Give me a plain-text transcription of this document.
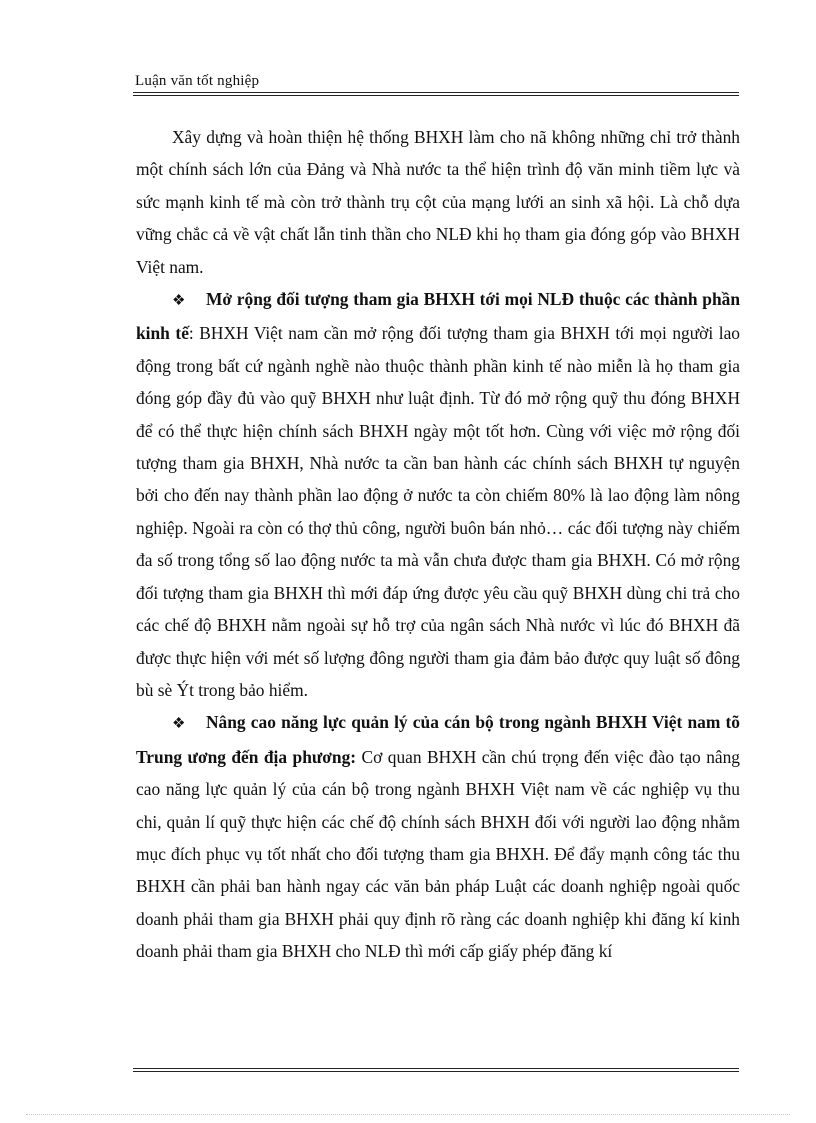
Luận văn tốt nghiệp

Xây dựng và hoàn thiện hệ thống BHXH làm cho nã không những chỉ trở thành một chính sách lớn của Đảng và Nhà nước ta thể hiện trình độ văn minh tiềm lực và sức mạnh kinh tế mà còn trở thành trụ cột của mạng lưới an sinh xã hội. Là chỗ dựa vững chắc cả về vật chất lẫn tinh thần cho NLĐ khi họ tham gia đóng góp vào BHXH Việt nam.

❖ Mở rộng đối tượng tham gia BHXH tới mọi NLĐ thuộc các thành phần kinh tế: BHXH Việt nam cần mở rộng đối tượng tham gia BHXH tới mọi người lao động trong bất cứ ngành nghề nào thuộc thành phần kinh tế nào miễn là họ tham gia đóng góp đầy đủ vào quỹ BHXH như luật định. Từ đó mở rộng quỹ thu đóng BHXH để có thể thực hiện chính sách BHXH ngày một tốt hơn. Cùng với việc mở rộng đối tượng tham gia BHXH, Nhà nước ta cần ban hành các chính sách BHXH tự nguyện bởi cho đến nay thành phần lao động ở nước ta còn chiếm 80% là lao động làm nông nghiệp. Ngoài ra còn có thợ thủ công, người buôn bán nhỏ… các đối tượng này chiếm đa số trong tổng số lao động nước ta mà vẫn chưa được tham gia BHXH. Có mở rộng đối tượng tham gia BHXH thì mới đáp ứng được yêu cầu quỹ BHXH dùng chi trả cho các chế độ BHXH nằm ngoài sự hỗ trợ của ngân sách Nhà nước vì lúc đó BHXH đã được thực hiện với mét số lượng đông người tham gia đảm bảo được quy luật số đông bù sè Ýt trong bảo hiểm.

❖ Nâng cao năng lực quản lý của cán bộ trong ngành BHXH Việt nam tõ Trung ương đến địa phương: Cơ quan BHXH cần chú trọng đến việc đào tạo nâng cao năng lực quản lý của cán bộ trong ngành BHXH Việt nam về các nghiệp vụ thu chi, quản lí quỹ thực hiện các chế độ chính sách BHXH đối với người lao động nhằm mục đích phục vụ tốt nhất cho đối tượng tham gia BHXH. Để đẩy mạnh công tác thu BHXH cần phải ban hành ngay các văn bản pháp Luật các doanh nghiệp ngoài quốc doanh phải tham gia BHXH phải quy định rõ ràng các doanh nghiệp khi đăng kí kinh doanh phải tham gia BHXH cho NLĐ thì mới cấp giấy phép đăng kí
